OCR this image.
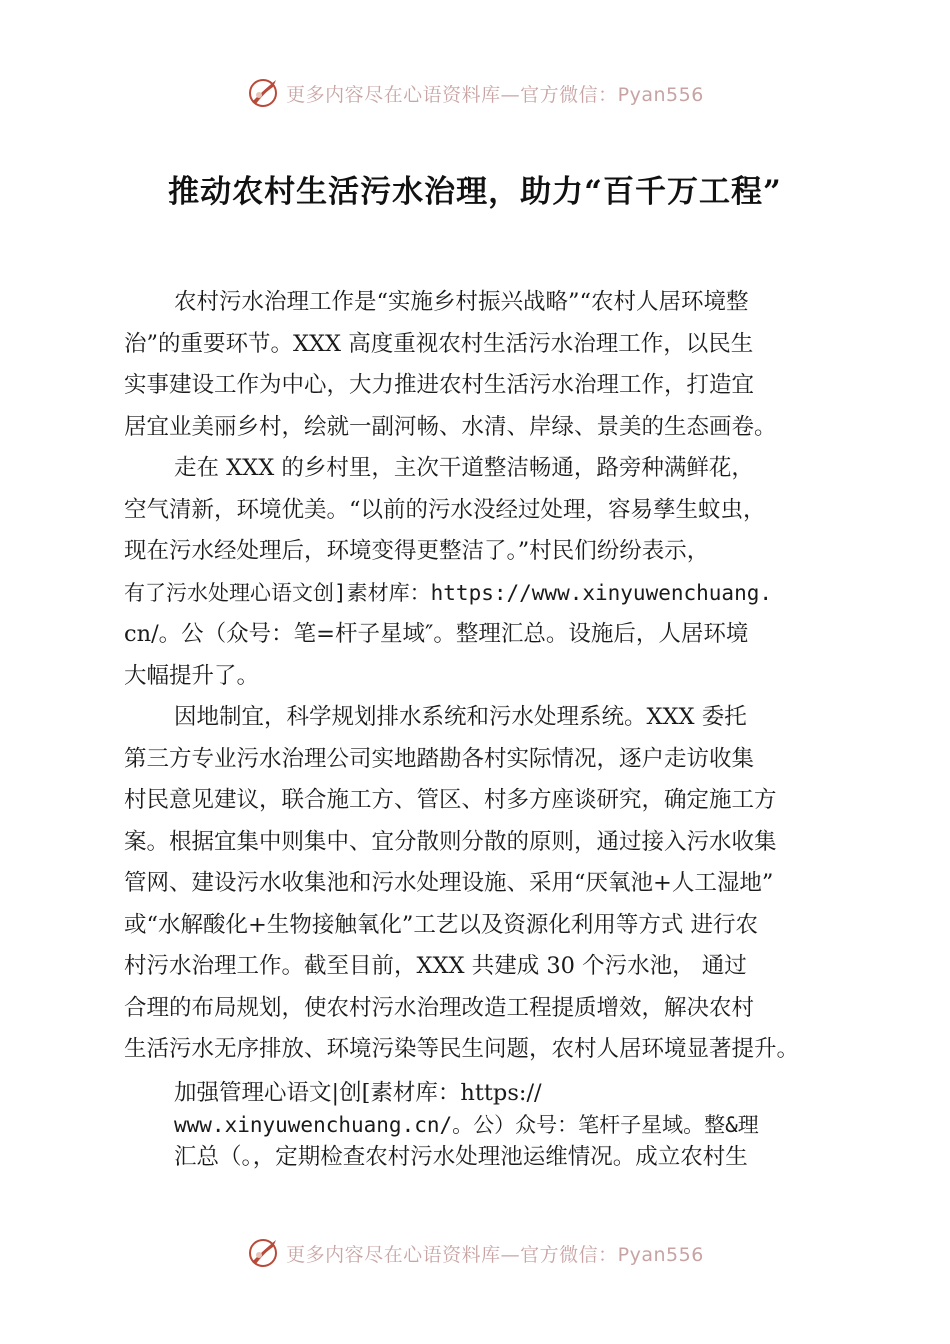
更多内容尽在心语资料库—官方微信：Pyan556
推动农村生活污水治理，助力“百千万工程”

农村污水治理工作是“实施乡村振兴战略”“农村人居环境整

治”的重要环节。XXX 高度重视农村生活污水治理工作，以民生

实事建设工作为中心，大力推进农村生活污水治理工作，打造宜

居宜业美丽乡村，绘就一副河畅、水清、岸绿、景美的生态画卷。

走在 XXX 的乡村里，主次干道整洁畅通，路旁种满鲜花，

空气清新，环境优美。“以前的污水没经过处理，容易孳生蚊虫，

现在污水经处理后，环境变得更整洁了。”村民们纷纷表示，

有了污水处理心语文创]素材库：https://www.xinyuwenchuang.

cn/。公（众号：笔=杆子星域″。整理汇总。设施后，人居环境

大幅提升了。

因地制宜，科学规划排水系统和污水处理系统。XXX 委托

第三方专业污水治理公司实地踏勘各村实际情况，逐户走访收集

村民意见建议，联合施工方、管区、村多方座谈研究，确定施工方

案。根据宜集中则集中、宜分散则分散的原则，通过接入污水收集

管网、建设污水收集池和污水处理设施、采用“厌氧池+人工湿地”

或“水解酸化+生物接触氧化”工艺以及资源化利用等方式 进行农

村污水治理工作。截至目前，XXX 共建成 30 个污水池， 通过

合理的布局规划，使农村污水治理改造工程提质增效，解决农村

生活污水无序排放、环境污染等民生问题，农村人居环境显著提升。

加强管理心语文|创[素材库：https://

www.xinyuwenchuang.cn/。公）众号：笔杆子星域。整&理

汇总（。，定期检查农村污水处理池运维情况。成立农村生

更多内容尽在心语资料库—官方微信：Pyan556
